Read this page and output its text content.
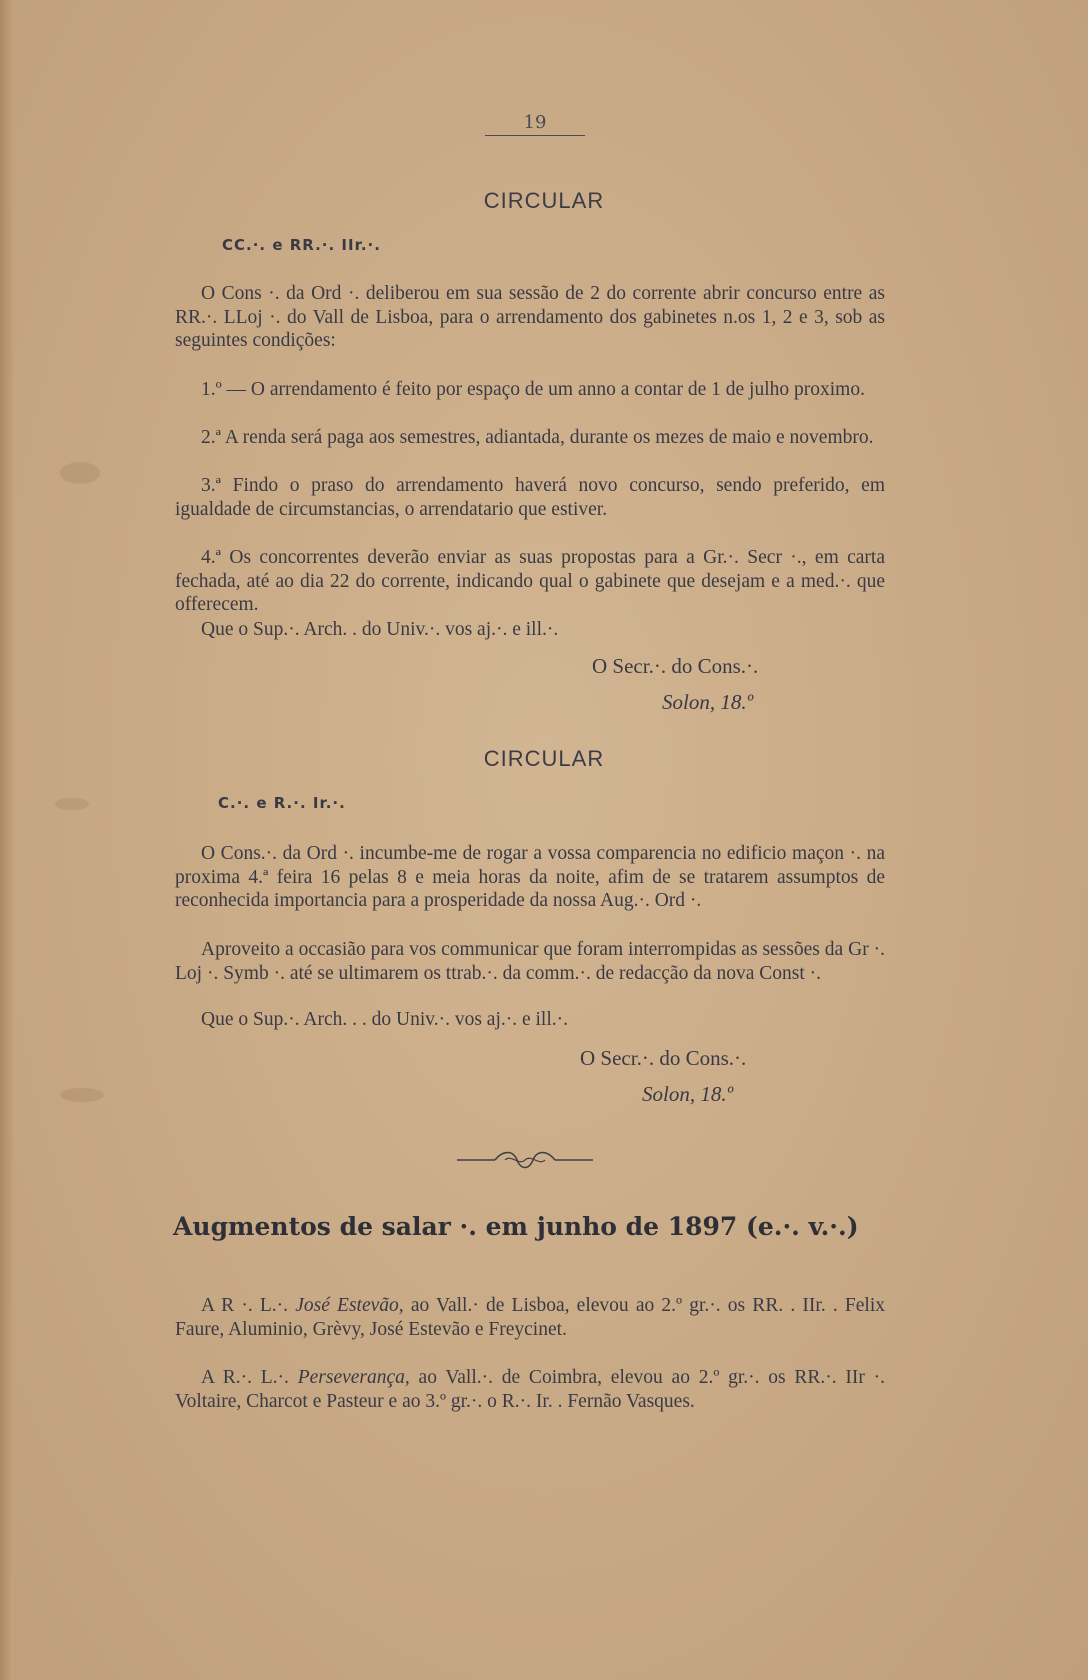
19
CIRCULAR
CC.·. e RR.·. IIr.·.

O Cons ·. da Ord ·. deliberou em sua sessão de 2 do corrente abrir concurso entre as RR.·. LLoj ·. do Vall de Lisboa, para o arrendamento dos gabinetes n.os 1, 2 e 3, sob as seguintes condições:

1.º — O arrendamento é feito por espaço de um anno a contar de 1 de julho proximo.

2.ª A renda será paga aos semestres, adiantada, durante os mezes de maio e novembro.

3.ª Findo o praso do arrendamento haverá novo concurso, sendo preferido, em igualdade de circumstancias, o arrendatario que estiver.

4.ª Os concorrentes deverão enviar as suas propostas para a Gr.·. Secr ·., em carta fechada, até ao dia 22 do corrente, indicando qual o gabinete que desejam e a med.·. que offerecem.

Que o Sup.·. Arch. . do Univ.·. vos aj.·. e ill.·.

O Secr.·. do Cons.·.
Solon, 18.º
CIRCULAR
C.·. e R.·. Ir.·.

O Cons.·. da Ord ·. incumbe-me de rogar a vossa comparencia no edificio maçon ·. na proxima 4.ª feira 16 pelas 8 e meia horas da noite, afim de se tratarem assumptos de reconhecida importancia para a prosperidade da nossa Aug.·. Ord ·.

Aproveito a occasião para vos communicar que foram interrompidas as sessões da Gr ·. Loj ·. Symb ·. até se ultimarem os ttrab.·. da comm.·. de redacção da nova Const ·.

Que o Sup.·. Arch. . . do Univ.·. vos aj.·. e ill.·.

O Secr.·. do Cons.·.
Solon, 18.º
Augmentos de salar ·. em junho de 1897 (e.·. v.·.)

A R ·. L.·. José Estevão, ao Vall.· de Lisboa, elevou ao 2.º gr.·. os RR. . IIr. . Felix Faure, Aluminio, Grèvy, José Estevão e Freycinet.

A R.·. L.·. Perseverança, ao Vall.·. de Coimbra, elevou ao 2.º gr.·. os RR.·. IIr ·. Voltaire, Charcot e Pasteur e ao 3.º gr.·. o R.·. Ir. . Fernão Vasques.
